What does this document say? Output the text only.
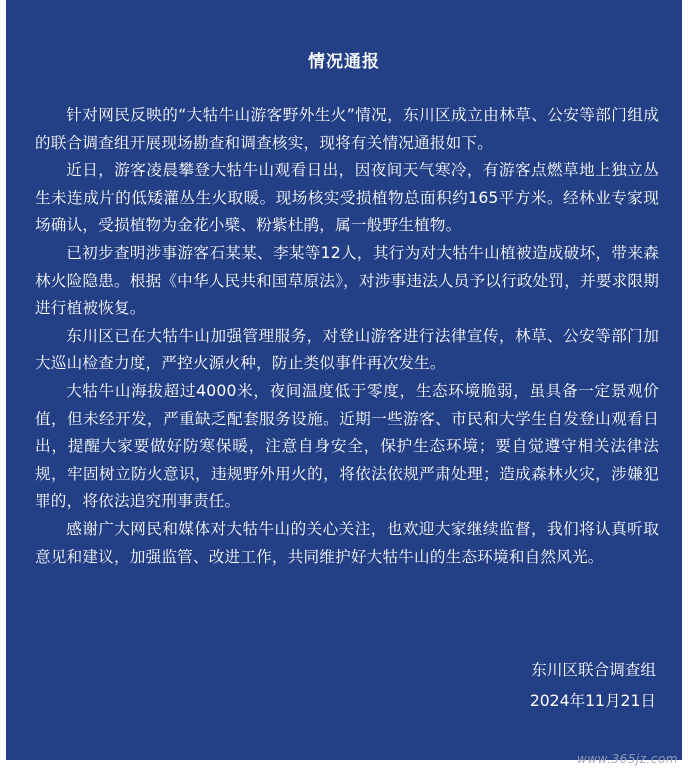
情况通报

针对网民反映的“大牯牛山游客野外生火”情况，东川区成立由林草、公安等部门组成的联合调查组开展现场勘查和调查核实，现将有关情况通报如下。

近日，游客凌晨攀登大牯牛山观看日出，因夜间天气寒冷，有游客点燃草地上独立丛生未连成片的低矮灌丛生火取暖。现场核实受损植物总面积约165平方米。经林业专家现场确认，受损植物为金花小檗、粉紫杜鹃，属一般野生植物。

已初步查明涉事游客石某某、李某等12人，其行为对大牯牛山植被造成破坏，带来森林火险隐患。根据《中华人民共和国草原法》，对涉事违法人员予以行政处罚，并要求限期进行植被恢复。

东川区已在大牯牛山加强管理服务，对登山游客进行法律宣传，林草、公安等部门加大巡山检查力度，严控火源火种，防止类似事件再次发生。

大牯牛山海拔超过4000米，夜间温度低于零度，生态环境脆弱，虽具备一定景观价值，但未经开发，严重缺乏配套服务设施。近期一些游客、市民和大学生自发登山观看日出，提醒大家要做好防寒保暖，注意自身安全，保护生态环境；要自觉遵守相关法律法规，牢固树立防火意识，违规野外用火的，将依法依规严肃处理；造成森林火灾，涉嫌犯罪的，将依法追究刑事责任。

感谢广大网民和媒体对大牯牛山的关心关注，也欢迎大家继续监督，我们将认真听取意见和建议，加强监管、改进工作，共同维护好大牯牛山的生态环境和自然风光。

东川区联合调查组
2024年11月21日
www.365jz.com
